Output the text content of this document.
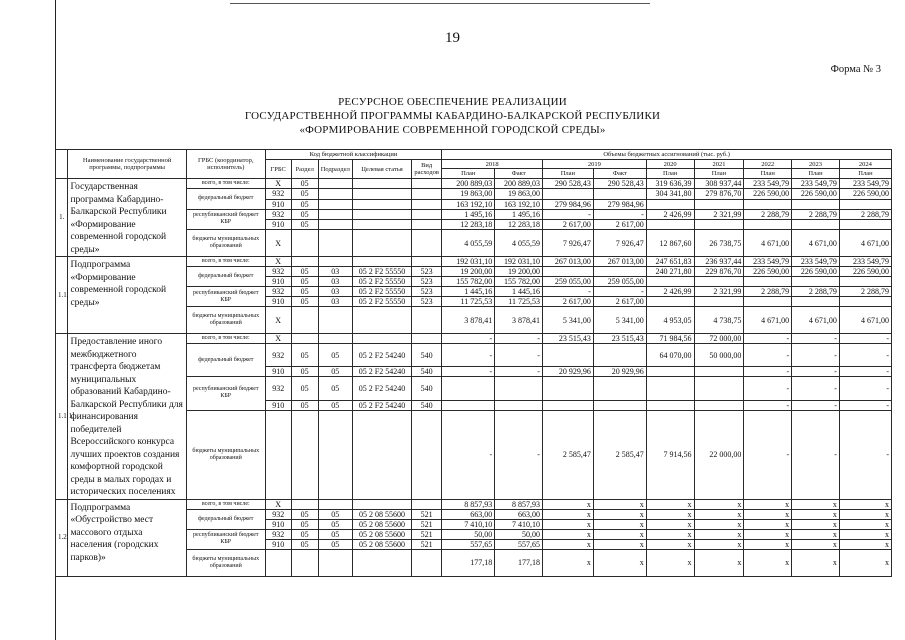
19
Форма № 3
РЕСУРСНОЕ ОБЕСПЕЧЕНИЕ РЕАЛИЗАЦИИ
ГОСУДАРСТВЕННОЙ ПРОГРАММЫ КАБАРДИНО-БАЛКАРСКОЙ РЕСПУБЛИКИ
«ФОРМИРОВАНИЕ СОВРЕМЕННОЙ ГОРОДСКОЙ СРЕДЫ»
	Наименование государственной программы, подпрограммы	ГРБС (координатор, исполнитель)	Код бюджетной классификации					Объемы бюджетных ассигнований (тыс. руб.)								
			ГРБС	Раздел	Подраздел	Целевая статья	Вид расходов	2018		2019		2020	2021	2022	2023	2024
								План	Факт	План	Факт	План	План	План	План	План
1.	Государственная программа Кабардино-Балкарской Республики «Формирование современной городской среды»	всего, в том числе:	X	05				200 889,03	200 889,03	290 528,43	290 528,43	319 636,39	308 937,44	233 549,79	233 549,79	233 549,79
		федеральный бюджет	932	05				19 863,00	19 863,00			304 341,80	279 876,70	226 590,00	226 590,00	226 590,00
			910	05				163 192,10	163 192,10	279 984,96	279 984,96					
		республиканский бюджет КБР	932	05				1 495,16	1 495,16	-	-	2 426,99	2 321,99	2 288,79	2 288,79	2 288,79
			910	05				12 283,18	12 283,18	2 617,00	2 617,00					
		бюджеты муниципальных образований	X					4 055,59	4 055,59	7 926,47	7 926,47	12 867,60	26 738,75	4 671,00	4 671,00	4 671,00
1.1.	Подпрограмма «Формирование современной городской среды»	всего, в том числе:	X					192 031,10	192 031,10	267 013,00	267 013,00	247 651,83	236 937,44	233 549,79	233 549,79	233 549,79
		федеральный бюджет	932	05	03	05 2 F2 55550	523	19 200,00	19 200,00			240 271,80	229 876,70	226 590,00	226 590,00	226 590,00
			910	05	03	05 2 F2 55550	523	155 782,00	155 782,00	259 055,00	259 055,00					
		республиканский бюджет КБР	932	05	03	05 2 F2 55550	523	1 445,16	1 445,16	-	-	2 426,99	2 321,99	2 288,79	2 288,79	2 288,79
			910	05	03	05 2 F2 55550	523	11 725,53	11 725,53	2 617,00	2 617,00					
		бюджеты муниципальных образований	X					3 878,41	3 878,41	5 341,00	5 341,00	4 953,05	4 738,75	4 671,00	4 671,00	4 671,00
1.1.1.	Предоставление иного межбюджетного трансферта бюджетам муниципальных образований Кабардино-Балкарской Республики для финансирования победителей Всероссийского конкурса лучших проектов создания комфортной городской среды в малых городах и исторических поселениях	всего, в том числе:	X					-	-	23 515,43	23 515,43	71 984,56	72 000,00	-	-	-
		федеральный бюджет	932	05	05	05 2 F2 54240	540	-	-			64 070,00	50 000,00	-	-	-
			910	05	05	05 2 F2 54240	540	-	-	20 929,96	20 929,96			-	-	-
		республиканский бюджет КБР	932	05	05	05 2 F2 54240	540							-	-	-
			910	05	05	05 2 F2 54240	540							-	-	-
		бюджеты муниципальных образований						-	-	2 585,47	2 585,47	7 914,56	22 000,00	-	-	-
1.2.	Подпрограмма «Обустройство мест массового отдыха населения (городских парков)»	всего, в том числе:	X					8 857,93	8 857,93	x	x	x	x	x	x	x
		федеральный бюджет	932	05	05	05 2 08 55600	521	663,00	663,00	x	x	x	x	x	x	x
			910	05	05	05 2 08 55600	521	7 410,10	7 410,10	x	x	x	x	x	x	x
		республиканский бюджет КБР	932	05	05	05 2 08 55600	521	50,00	50,00	x	x	x	x	x	x	x
			910	05	05	05 2 08 55600	521	557,65	557,65	x	x	x	x	x	x	x
		бюджеты муниципальных образований						177,18	177,18	x	x	x	x	x	x	x
